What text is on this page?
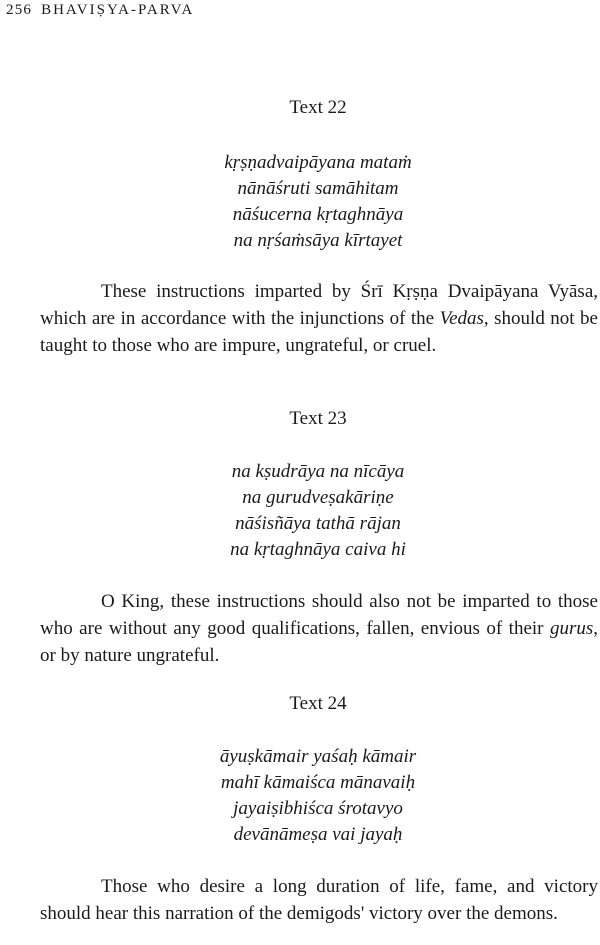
256 BHAVIṢYA-PARVA
Text 22
kṛṣṇadvaipāyana mataṁ
nānāśruti samāhitam
nāśucerna kṛtaghnāya
na nṛśaṁsāya kīrtayet
These instructions imparted by Śrī Kṛṣṇa Dvaipāyana Vyāsa, which are in accordance with the injunctions of the Vedas, should not be taught to those who are impure, ungrateful, or cruel.
Text 23
na kṣudrāya na nīcāya
na gurudveṣakāriṇe
nāśisñāya tathā rājan
na kṛtaghnāya caiva hi
O King, these instructions should also not be imparted to those who are without any good qualifications, fallen, envious of their gurus, or by nature ungrateful.
Text 24
āyuṣkāmair yaśaḥ kāmair
mahī kāmaiśca mānavaiḥ
jayaiṣibhiśca śrotavyo
devānāmeṣa vai jayaḥ
Those who desire a long duration of life, fame, and victory should hear this narration of the demigods' victory over the demons.
